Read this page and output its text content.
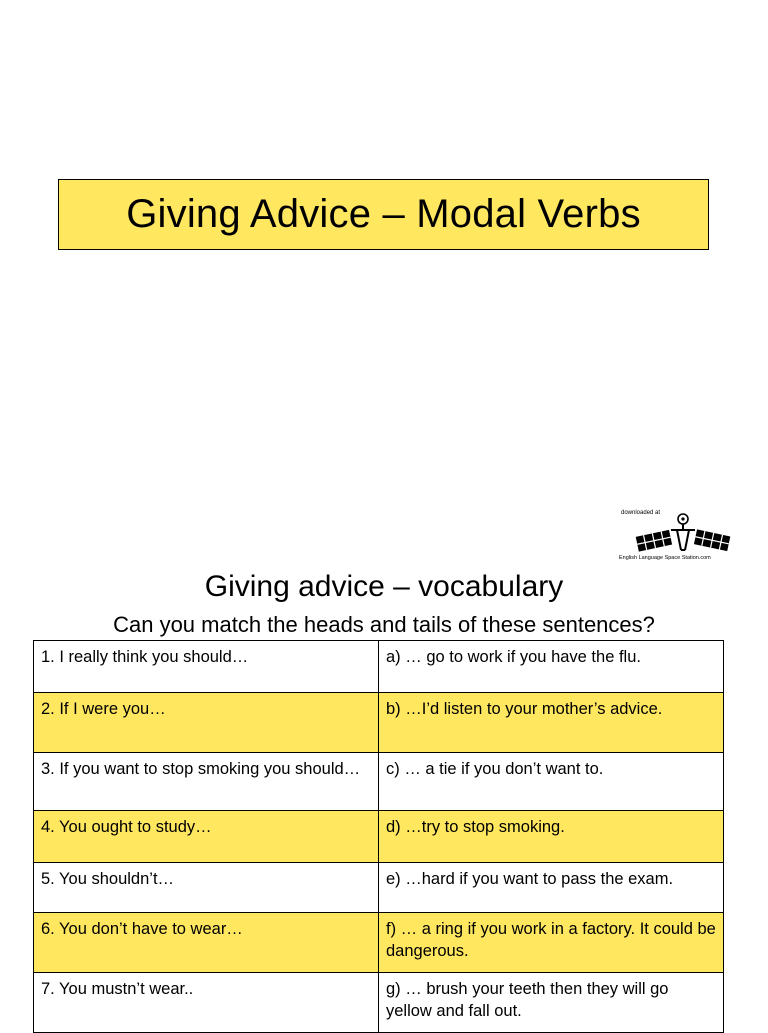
Giving Advice – Modal Verbs
downloaded at
English Language Space Station.com
Giving advice – vocabulary
Can you match the heads and tails of these sentences?
1. I really think you should…	a) … go to work if you have the flu.
2. If I were you…	b) …I’d listen to your mother’s advice.
3. If you want to stop smoking you should…	c) … a tie if you don’t want to.
4. You ought to study…	d) …try to stop smoking.
5. You shouldn’t…	e) …hard if you want to pass the exam.
6. You don’t have to wear…	f) … a ring if you work in a factory. It could be dangerous.
7. You mustn’t wear..	g) … brush your teeth then they will go yellow and fall out.
